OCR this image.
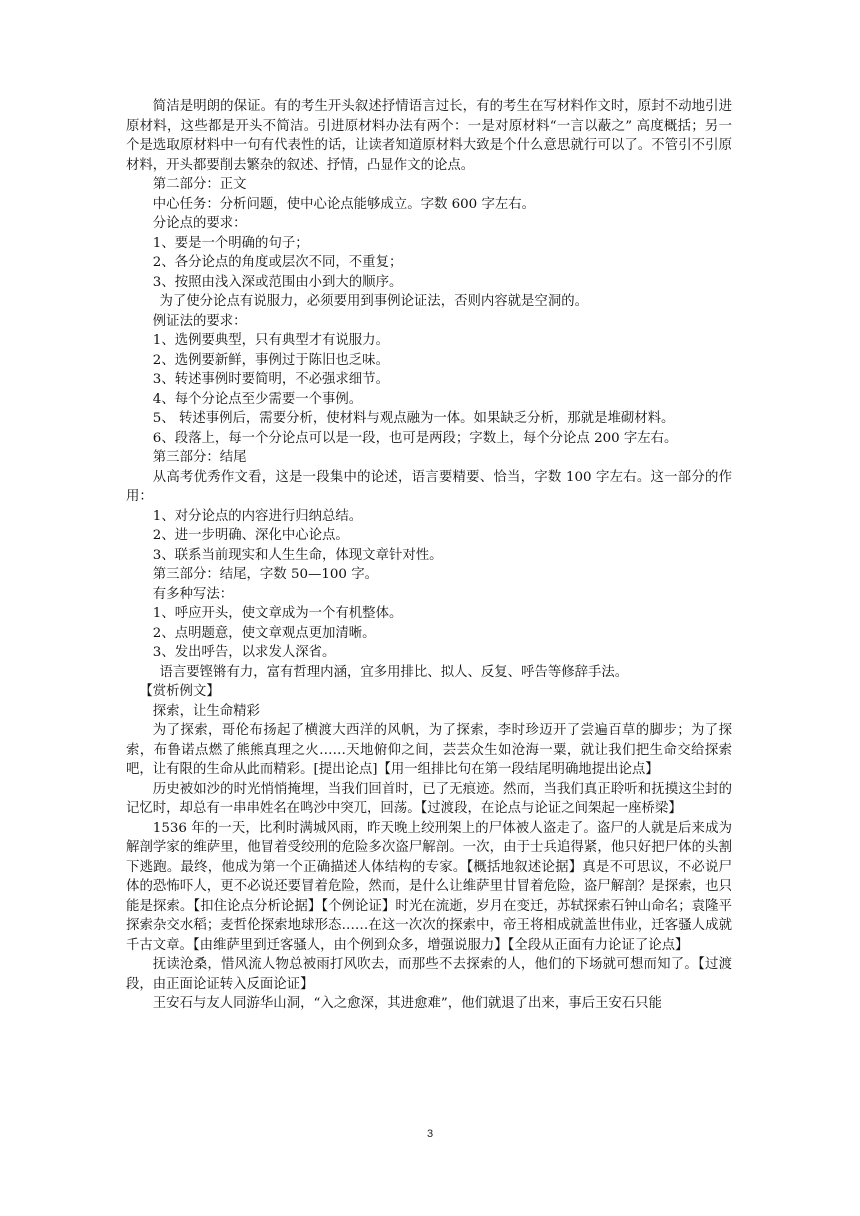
简洁是明朗的保证。有的考生开头叙述抒情语言过长，有的考生在写材料作文时，原封不动地引进原材料，这些都是开头不简洁。引进原材料办法有两个：一是对原材料“一言以蔽之” 高度概括；另一个是选取原材料中一句有代表性的话，让读者知道原材料大致是个什么意思就行可以了。不管引不引原材料，开头都要削去繁杂的叙述、抒情，凸显作文的论点。

第二部分：正文

中心任务：分析问题，使中心论点能够成立。字数 600 字左右。

分论点的要求：

1、要是一个明确的句子；

2、各分论点的角度或层次不同，不重复；

3、按照由浅入深或范围由小到大的顺序。

为了使分论点有说服力，必须要用到事例论证法，否则内容就是空洞的。

例证法的要求：

1、选例要典型，只有典型才有说服力。

2、选例要新鲜，事例过于陈旧也乏味。

3、转述事例时要简明，不必强求细节。

4、每个分论点至少需要一个事例。

5、 转述事例后，需要分析，使材料与观点融为一体。如果缺乏分析，那就是堆砌材料。

6、段落上，每一个分论点可以是一段，也可是两段；字数上，每个分论点 200 字左右。

第三部分：结尾

从高考优秀作文看，这是一段集中的论述，语言要精要、恰当，字数 100 字左右。这一部分的作用：

1、对分论点的内容进行归纳总结。

2、进一步明确、深化中心论点。

3、联系当前现实和人生生命，体现文章针对性。

第三部分：结尾，字数 50—100 字。

有多种写法：

1、呼应开头，使文章成为一个有机整体。

2、点明题意，使文章观点更加清晰。

3、发出呼告，以求发人深省。

语言要铿锵有力，富有哲理内涵，宜多用排比、拟人、反复、呼告等修辞手法。

【赏析例文】

探索，让生命精彩

为了探索，哥伦布扬起了横渡大西洋的风帆，为了探索，李时珍迈开了尝遍百草的脚步；为了探索，布鲁诺点燃了熊熊真理之火……天地俯仰之间，芸芸众生如沧海一粟，就让我们把生命交给探索吧，让有限的生命从此而精彩。[提出论点]【用一组排比句在第一段结尾明确地提出论点】

历史被如沙的时光悄悄掩埋，当我们回首时，已了无痕迹。然而，当我们真正聆听和抚摸这尘封的记忆时，却总有一串串姓名在鸣沙中突兀，回荡。【过渡段，在论点与论证之间架起一座桥梁】

1536 年的一天，比利时满城风雨，昨天晚上绞刑架上的尸体被人盗走了。盗尸的人就是后来成为解剖学家的维萨里，他冒着受绞刑的危险多次盗尸解剖。一次，由于士兵追得紧，他只好把尸体的头割下逃跑。最终，他成为第一个正确描述人体结构的专家。【概括地叙述论据】真是不可思议，不必说尸体的恐怖吓人，更不必说还要冒着危险，然而，是什么让维萨里甘冒着危险，盗尸解剖？是探索，也只能是探索。【扣住论点分析论据】【个例论证】时光在流逝，岁月在变迁，苏轼探索石钟山命名；袁隆平探索杂交水稻；麦哲伦探索地球形态……在这一次次的探索中，帝王将相成就盖世伟业，迁客骚人成就千古文章。【由维萨里到迁客骚人，由个例到众多，增强说服力】【全段从正面有力论证了论点】

抚读沧桑，惜风流人物总被雨打风吹去，而那些不去探索的人，他们的下场就可想而知了。【过渡段，由正面论证转入反面论证】

王安石与友人同游华山洞，“入之愈深，其进愈难”，他们就退了出来，事后王安石只能

3
